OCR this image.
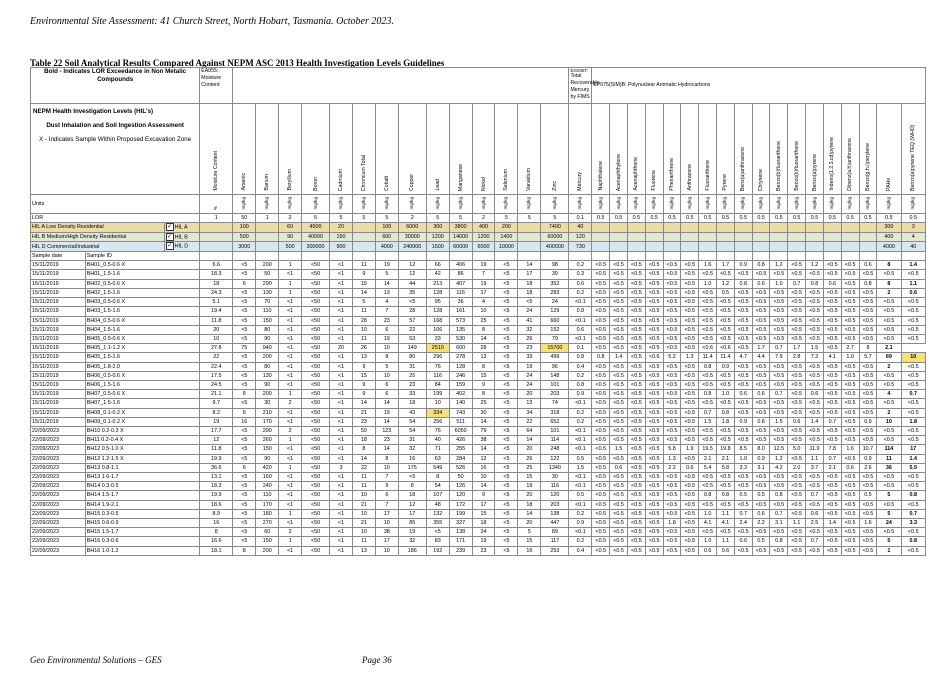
Environmental Site Assessment: 41 Church Street, North Hobart, Tasmania. October 2023.
Table 22 Soil Analytical Results Compared Against NEPM ASC 2013 Health Investigation Levels Guidelines
Bold - Indicates LOR Exceedance in Non Metalic Compounds			EA055: Moisture Content															EG035T:
Total Recoverable Mercury by FIMS	EP075(SIM)B: Polynuclear Aromatic Hydrocarbons																	

NEPM Health Investigation Levels (HIL's)
Dust Inhalation and Soil Ingestion Assessment
X - Indicates Sample Within Proposed Excavation Zone			Moisture Content	Arsenic	Barium	Beryllium	Boron	Cadmium	Chromium Total	Cobalt	Copper	Lead	Manganese	Nickel	Selenium	Vanadium	Zinc	Mercury	Naphthalene	Acenaphthylene	Acenaphthene	Fluorene	Phenanthrene	Anthracene	Fluoranthene	Pyrene	Benz(a)anthracene	Chrysene	Benzo(b)fluoranthene	Benzo(k)fluoranthene	Benzo(a)pyrene	Indeno(1.2.3.cd)pyrene	Dibenz(a.h)anthracene	Benzo(g.h.i)perylene	PAHs	Benzo(a)pyrene TEQ (WHO)
Units			%	mg/kg	mg/kg	mg/kg	mg/kg	mg/kg	mg/kg	mg/kg	mg/kg	mg/kg	mg/kg	mg/kg	mg/kg	mg/kg	mg/kg	mg/kg	mg/kg	mg/kg	mg/kg	mg/kg	mg/kg	mg/kg	mg/kg	mg/kg	mg/kg	mg/kg	mg/kg	mg/kg	mg/kg	mg/kg	mg/kg	mg/kg	mg/kg	mg/kg
LOR			1	50	1	2	5	5	5	5	2	5	5	2	5	5	5	0.1	0.5	0.5	0.5	0.5	0.5	0.5	0.5	0.5	0.5	0.5	0.5	0.5	0.5	0.5	0.5	0.5	0.5	0.5
HIL A Low Density Residential		✓ HIL A		100		60	4500	20		100	6000	300	3800	400	200		7400	40																	300	3
HIL B Medium/High Density Residential		✓ HIL B		500		90	40000	150		600	30000	1200	14000	1200	1400		60000	120																	400	4
HIL D Commercial/Industrial		✓ HIL D		3000		500	300000	900		4000	240000	1500	60000	6000	10000		400000	730																	4000	40
Sample date	Sample ID																																			
15/11/2019	BH01_0.5-0.6 X		6.6	<5	200	1	<50	<1	11	19	12	66	406	19	<5	14	98	0.2	<0.5	<0.5	<0.5	<0.5	<0.5	<0.5	1.6	1.7	0.9	0.8	1.2	<0.5	1.2	<0.5	<0.5	0.6	8	1.4
15/11/2019	BH01_1.5-1.6		18.3	<5	50	<1	<50	<1	9	5	12	42	86	7	<5	17	39	0.3	<0.5	<0.5	<0.5	<0.5	<0.5	<0.5	<0.5	<0.5	<0.5	<0.5	<0.5	<0.5	<0.5	<0.5	<0.5	<0.5	<0.5	<0.5
15/11/2019	BH02_0.5-0.6 X		18	6	290	1	<50	<1	15	14	44	213	407	19	<5	18	352	0.6	<0.5	<0.5	<0.5	<0.5	<0.5	<0.5	1.0	1.2	0.8	0.6	1.0	0.7	0.8	0.6	<0.5	0.8	8	1.1
15/11/2019	BH02_1.5-1.6		24.3	<5	130	1	<50	<1	14	13	35	128	116	17	<5	18	283	0.2	<0.5	<0.5	<0.5	<0.5	<0.5	<0.5	<0.5	0.5	<0.5	<0.5	<0.5	<0.5	<0.5	<0.5	<0.5	<0.5	2	0.6
15/11/2019	BH03_0.5-0.6 X		5.1	<5	70	<1	<50	<1	5	4	<5	95	36	4	<5	<5	24	<0.1	<0.5	<0.5	<0.5	<0.5	<0.5	<0.5	<0.5	<0.5	<0.5	<0.5	<0.5	<0.5	<0.5	<0.5	<0.5	<0.5	<0.5	<0.5
15/11/2019	BH03_1.5-1.6		19.4	<5	110	<1	<50	<1	11	7	28	128	161	10	<5	24	129	0.8	<0.5	<0.5	<0.5	<0.5	<0.5	<0.5	<0.5	<0.5	<0.5	<0.5	<0.5	<0.5	<0.5	<0.5	<0.5	<0.5	<0.5	<0.5
15/11/2019	BH04_0.5-0.6 X		11.8	<5	150	<1	<50	<1	28	23	57	168	573	25	<5	41	660	<0.1	<0.5	<0.5	<0.5	<0.5	<0.5	<0.5	<0.5	<0.5	<0.5	<0.5	<0.5	<0.5	<0.5	<0.5	<0.5	<0.5	<0.5	<0.5
15/11/2019	BH04_1.5-1.6		20	<5	80	<1	<50	<1	10	6	22	106	135	8	<5	32	152	0.6	<0.5	<0.5	<0.5	<0.5	<0.5	<0.5	<0.5	<0.5	<0.5	<0.5	<0.5	<0.5	<0.5	<0.5	<0.5	<0.5	<0.5	<0.5
15/11/2019	BH05_0.5-0.6 X		10	<5	90	<1	<50	<1	11	19	53	33	530	14	<5	26	79	<0.1	<0.5	<0.5	<0.5	<0.5	<0.5	<0.5	<0.5	<0.5	<0.5	<0.5	<0.5	<0.5	<0.5	<0.5	<0.5	<0.5	<0.5	<0.5
15/11/2019	BH05_1.1-1.2 X		27.8	75	940	<1	<50	20	26	10	149	2510	600	28	<5	23	15700	0.1	<0.5	<0.5	<0.5	<0.5	<0.5	<0.5	<0.6	<0.6	<0.5	1.7	0.7	1.7	1.5	<0.5	2.7	8	2.1	
15/11/2019	BH05_1.5-1.6		22	<5	200	<1	<50	<1	13	8	80	296	278	13	<5	33	499	0.8	0.8	1.4	<0.5	<0.6	5.2	1.3	11.4	11.4	4.7	4.4	7.9	2.8	7.2	4.1	1.0	5.7	69	10
15/11/2019	BH05_1.8-2.0		22.4	<5	80	<1	<50	<1	9	5	31	76	128	8	<5	19	96	0.4	<0.5	<0.5	<0.5	<0.5	<0.5	<0.5	0.8	0.9	<0.5	<0.5	<0.5	<0.5	<0.5	<0.5	<0.5	<0.5	2	<0.5
15/11/2019	BH06_0.5-0.6 X		17.5	<5	130	<1	<50	<1	15	10	25	116	246	15	<5	24	148	0.2	<0.5	<0.5	<0.5	<0.5	<0.5	<0.5	<0.5	<0.5	<0.5	<0.5	<0.5	<0.5	<0.5	<0.5	<0.5	<0.5	<0.5	<0.5
15/11/2019	BH06_1.5-1.6		24.5	<5	90	<1	<50	<1	9	6	23	84	159	9	<5	24	101	0.8	<0.5	<0.5	<0.5	<0.5	<0.5	<0.5	<0.5	<0.5	<0.5	<0.5	<0.5	<0.5	<0.5	<0.5	<0.5	<0.5	<0.5	<0.5
15/11/2019	BH07_0.5-0.6 X		21.1	8	200	1	<50	<1	9	6	33	199	402	8	<5	20	203	0.9	<0.5	<0.5	<0.5	<0.5	<0.5	<0.5	0.8	1.0	0.6	0.6	0.7	<0.5	0.6	<0.5	<0.5	<0.5	4	0.7
15/11/2019	BH07_1.5-1.6		9.7	<5	30	2	<50	<1	14	14	18	10	140	25	<5	13	74	<0.1	<0.5	<0.5	<0.5	<0.5	<0.5	<0.5	<0.5	<0.5	<0.5	<0.5	<0.5	<0.5	<0.5	<0.5	<0.5	<0.5	<0.5	<0.5
15/11/2019	BH08_0.1-0.2 X		8.2	6	210	<1	<50	<1	21	19	43	334	743	30	<5	34	318	0.2	<0.5	<0.5	<0.5	<0.5	<0.5	<0.5	0.7	0.8	<0.5	<0.5	<0.5	<0.5	<0.5	<0.5	<0.5	<0.5	2	<0.5
15/11/2019	BH09_0.1-0.2 X		19	16	170	<1	<50	<1	23	14	54	256	511	14	<5	22	652	0.2	<0.5	<0.5	<0.5	<0.5	<0.5	<0.5	1.5	1.8	0.9	0.8	1.5	0.6	1.4	0.7	<0.5	0.9	10	1.8
22/09/2023	BH10 0.2-0.3 X		17.7	<5	290	2	<50	<1	50	123	54	76	6050	79	<5	64	101	<0.1	<0.5	<0.5	<0.5	<0.5	<0.5	<0.5	<0.5	<0.5	<0.5	<0.5	<0.5	<0.5	<0.5	<0.5	<0.5	<0.5	<0.5	<0.5
22/09/2023	BH11 0.2-0.4 X		12	<5	260	1	<50	<1	18	23	31	40	426	38	<5	14	114	<0.1	<0.5	<0.5	<0.5	<0.5	<0.5	<0.5	<0.5	<0.5	<0.5	<0.5	<0.5	<0.5	<0.5	<0.5	<0.5	<0.5	<0.5	<0.5
22/09/2023	BH12 0.5-1.0 X		11.8	<5	150	<1	<50	<1	8	14	32	71	255	14	<5	20	248	<0.1	<0.5	1.5	<0.5	<0.5	5.8	1.9	19.5	19.8	8.5	8.0	12.5	5.0	11.9	7.8	1.6	10.7	114	17
22/09/2023	BH12 1.2-1.5 X		19.9	<5	90	<1	<50	<1	14	8	16	63	284	12	<5	26	122	0.5	<0.5	<0.5	<0.5	<0.5	1.3	<0.5	2.1	2.1	1.0	0.9	1.2	<0.5	1.1	0.7	<0.5	0.9	11	1.4
22/09/2023	BH13 0.8-1.1		36.6	6	420	1	<50	3	22	10	175	549	526	16	<5	25	1340	1.5	<0.5	0.6	<0.5	<0.5	2.2	0.6	5.4	5.8	3.3	3.1	4.2	2.0	3.7	2.1	0.6	2.6	36	5.5
22/09/2023	BH13 1.6-1.7		13.1	<5	160	<1	<50	<1	11	7	<5	8	50	10	<5	15	30	<0.1	<0.5	<0.5	<0.5	<0.5	<0.5	<0.5	<0.5	<0.5	<0.5	<0.5	<0.5	<0.5	<0.5	<0.5	<0.5	<0.5	<0.5	<0.5
22/09/2023	BH14 0.3-0.5		18.3	<5	240	<1	<50	<1	11	9	8	54	126	14	<5	19	116	<0.1	<0.5	<0.5	<0.5	<0.5	<0.5	<0.5	<0.5	<0.5	<0.5	<0.5	<0.5	<0.5	<0.5	<0.5	<0.5	<0.5	<0.5	<0.5
22/09/2023	BH14 1.5-1.7		19.9	<5	110	<1	<50	<1	10	6	18	107	120	9	<5	20	120	0.5	<0.5	<0.5	<0.5	<0.5	<0.5	<0.5	0.8	0.8	0.5	0.5	0.8	<0.5	0.7	<0.5	<0.5	0.5	5	0.8
22/09/2023	BH14 1.9-2.1		18.6	<5	170	<1	<50	<1	21	7	12	48	172	17	<5	18	203	<0.1	<0.5	<0.5	<0.5	<0.5	<0.5	<0.5	<0.5	<0.5	<0.5	<0.5	<0.5	<0.5	<0.5	<0.5	<0.5	<0.5	<0.5	<0.5
22/09/2023	BH15 0.3-0.5		8.9	<5	180	1	<50	<1	10	17	17	132	199	15	<5	14	138	0.2	<0.5	<0.5	<0.5	<0.5	<0.5	<0.5	1.0	1.1	0.7	0.6	0.7	<0.5	0.6	<0.5	<0.5	<0.5	5	0.7
22/09/2023	BH15 0.6-0.9		16	<5	270	<1	<50	<1	21	10	85	355	327	18	<5	20	447	0.9	<0.5	<0.5	<0.5	<0.5	1.8	<0.5	4.1	4.1	2.4	2.2	3.1	1.1	2.5	1.4	<0.5	1.6	24	3.3
22/09/2023	BH15 1.5-1.7		8	<5	60	2	<50	<1	10	38	19	<5	138	34	<5	5	89	<0.1	<0.5	<0.5	<0.5	<0.5	<0.5	<0.5	<0.5	<0.5	<0.5	<0.5	<0.5	<0.5	<0.5	<0.5	<0.5	<0.5	<0.5	<0.5
22/09/2023	BH16 0.3-0.6		16.6	<5	150	1	<50	<1	11	17	32	83	171	19	<5	15	117	0.2	<0.5	<0.5	<0.5	<0.5	<0.5	<0.5	1.0	1.1	0.6	0.5	0.8	<0.5	0.7	<0.5	<0.5	<0.5	5	0.8
22/09/2023	BH16 1.0-1.2		18.1	8	200	<1	<50	<1	13	10	186	192	239	23	<5	16	253	0.4	<0.5	<0.5	<0.5	<0.5	<0.5	<0.5	0.6	0.6	<0.5	<0.5	<0.5	<0.5	<0.5	<0.5	<0.5	<0.5	1	<0.5
Geo Environmental Solutions – GES	Page 36
